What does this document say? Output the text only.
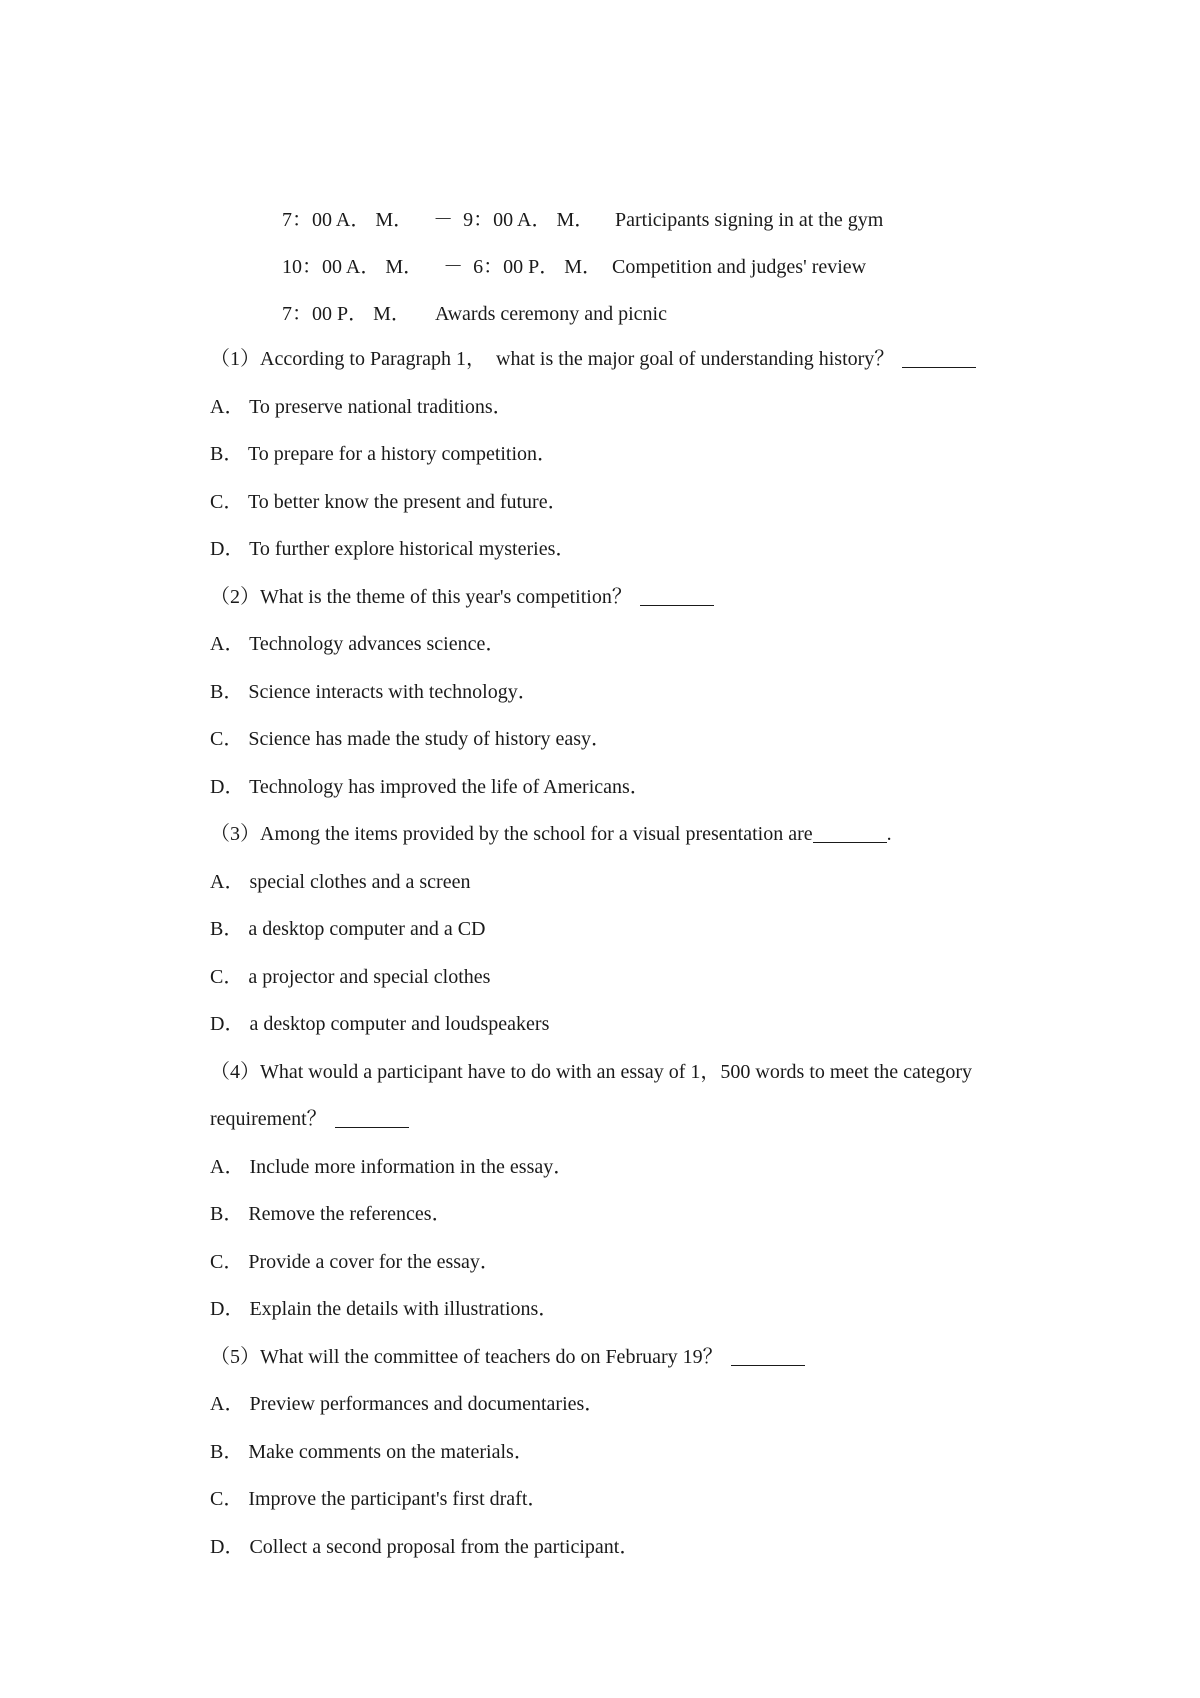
7：00 A． M．    －  9：00 A． M． Participants signing in at the gym

10：00 A． M．    －  6：00 P． M． Competition and judges' review

7：00 P． M． Awards ceremony and picnic

（1）According to Paragraph 1，  what is the major goal of understanding history？
A． To preserve national traditions．
B． To prepare for a history competition．
C． To better know the present and future．
D． To further explore historical mysteries．
（2）What is the theme of this year's competition？
A． Technology advances science．
B． Science interacts with technology．
C． Science has made the study of history easy．
D． Technology has improved the life of Americans．
（3）Among the items provided by the school for a visual presentation are	.
A． special clothes and a screen
B． a desktop computer and a CD
C． a projector and special clothes
D． a desktop computer and loudspeakers
（4）What would a participant have to do with an essay of 1，500 words to meet the category
requirement？
A． Include more information in the essay．
B． Remove the references．
C． Provide a cover for the essay．
D． Explain the details with illustrations．
（5）What will the committee of teachers do on February 19？
A． Preview performances and documentaries．
B． Make comments on the materials．
C． Improve the participant's first draft．
D． Collect a second proposal from the participant．
